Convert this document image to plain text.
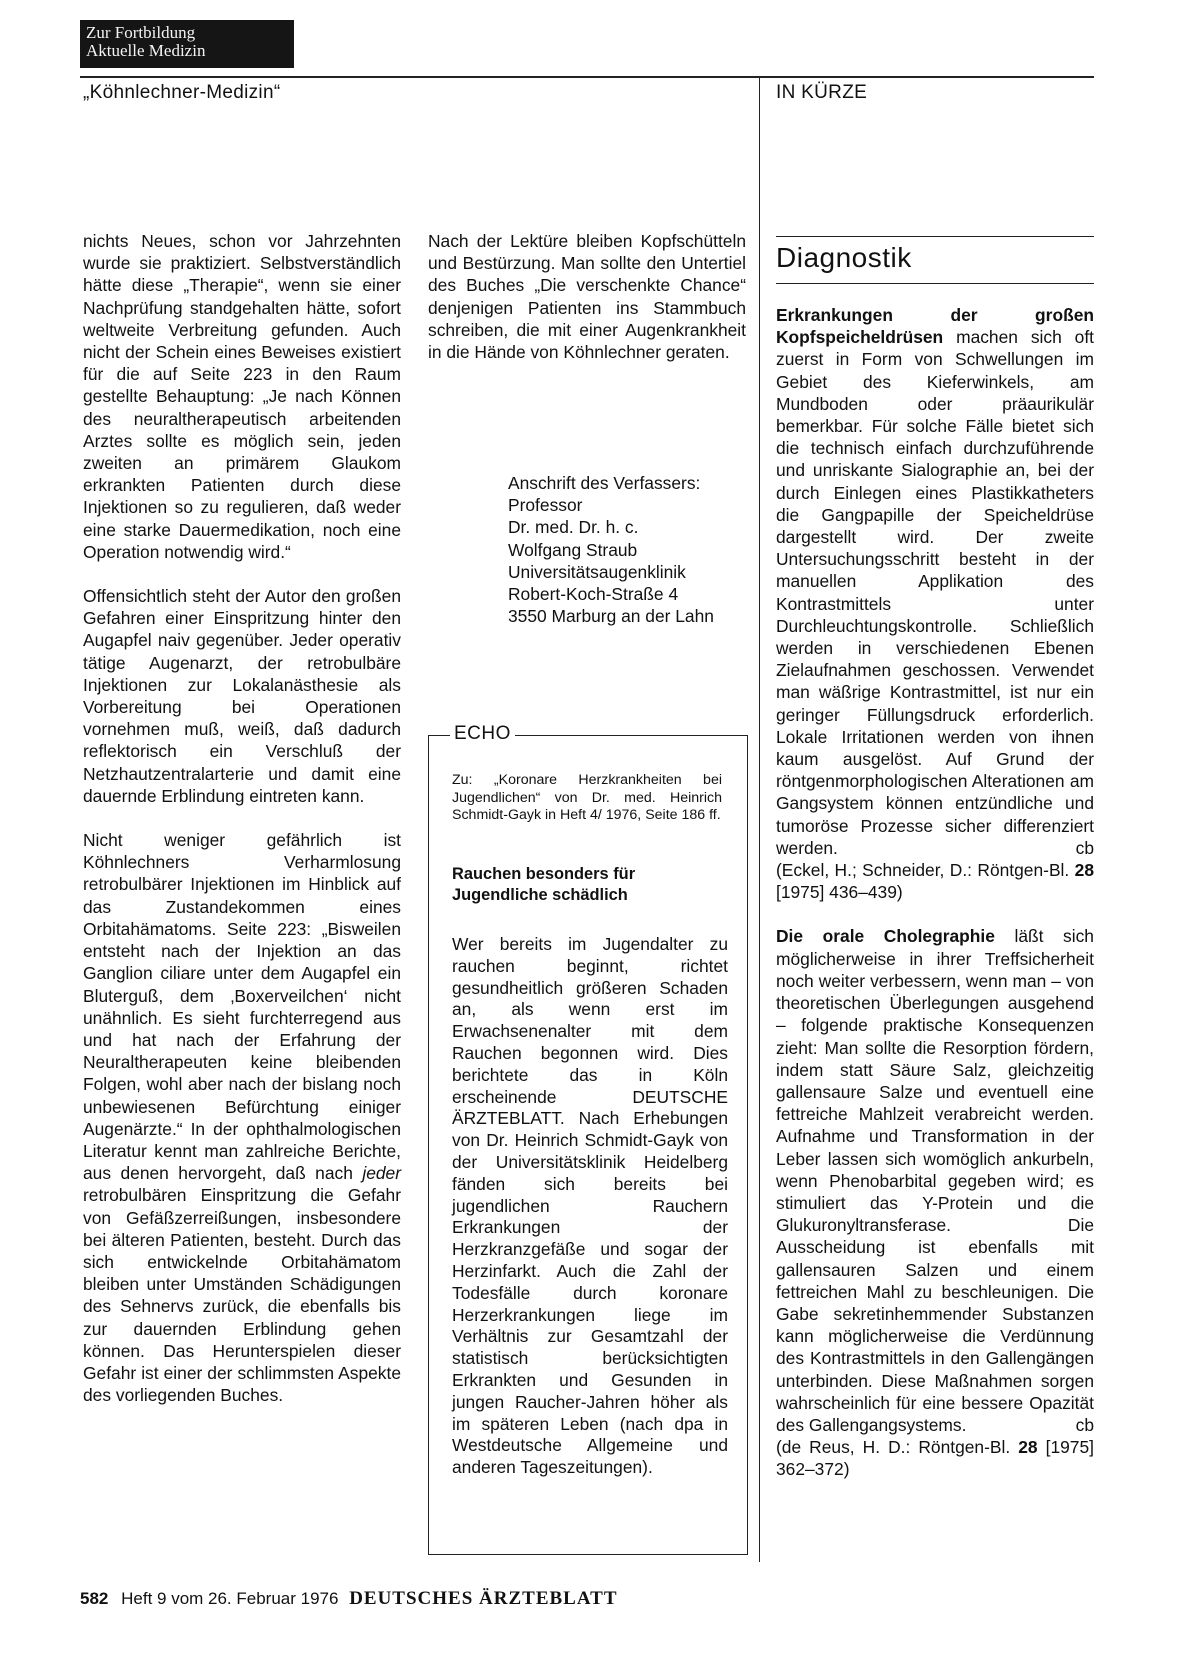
Zur Fortbildung
Aktuelle Medizin
„Köhnlechner-Medizin“	IN KÜRZE

nichts Neues, schon vor Jahrzehnten wurde sie praktiziert. Selbstverständlich hätte diese „Therapie“, wenn sie einer Nachprüfung standgehalten hätte, sofort weltweite Verbreitung gefunden. Auch nicht der Schein eines Beweises existiert für die auf Seite 223 in den Raum gestellte Behauptung: „Je nach Können des neuraltherapeutisch arbeitenden Arztes sollte es möglich sein, jeden zweiten an primärem Glaukom erkrankten Patienten durch diese Injektionen so zu regulieren, daß weder eine starke Dauermedikation, noch eine Operation notwendig wird.“

Offensichtlich steht der Autor den großen Gefahren einer Einspritzung hinter den Augapfel naiv gegenüber. Jeder operativ tätige Augenarzt, der retrobulbäre Injektionen zur Lokalanästhesie als Vorbereitung bei Operationen vornehmen muß, weiß, daß dadurch reflektorisch ein Verschluß der Netzhautzentralarterie und damit eine dauernde Erblindung eintreten kann.

Nicht weniger gefährlich ist Köhnlechners Verharmlosung retrobulbärer Injektionen im Hinblick auf das Zustandekommen eines Orbitahämatoms. Seite 223: „Bisweilen entsteht nach der Injektion an das Ganglion ciliare unter dem Augapfel ein Bluterguß, dem ‚Boxerveilchen‘ nicht unähnlich. Es sieht furchterregend aus und hat nach der Erfahrung der Neuraltherapeuten keine bleibenden Folgen, wohl aber nach der bislang noch unbewiesenen Befürchtung einiger Augenärzte.“ In der ophthalmologischen Literatur kennt man zahlreiche Berichte, aus denen hervorgeht, daß nach jeder retrobulbären Einspritzung die Gefahr von Gefäßzerreißungen, insbesondere bei älteren Patienten, besteht. Durch das sich entwickelnde Orbitahämatom bleiben unter Umständen Schädigungen des Sehnervs zurück, die ebenfalls bis zur dauernden Erblindung gehen können. Das Herunterspielen dieser Gefahr ist einer der schlimmsten Aspekte des vorliegenden Buches.

Nach der Lektüre bleiben Kopfschütteln und Bestürzung. Man sollte den Untertiel des Buches „Die verschenkte Chance“ denjenigen Patienten ins Stammbuch schreiben, die mit einer Augenkrankheit in die Hände von Köhnlechner geraten.

Anschrift des Verfassers:
Professor
Dr. med. Dr. h. c.
Wolfgang Straub
Universitätsaugenklinik
Robert-Koch-Straße 4
3550 Marburg an der Lahn
ECHO
Zu: „Koronare Herzkrankheiten bei Jugendlichen“ von Dr. med. Heinrich Schmidt-Gayk in Heft 4/ 1976, Seite 186 ff.
Rauchen besonders für Jugendliche schädlich
Wer bereits im Jugendalter zu rauchen beginnt, richtet gesundheitlich größeren Schaden an, als wenn erst im Erwachsenenalter mit dem Rauchen begonnen wird. Dies berichtete das in Köln erscheinende DEUTSCHE ÄRZTEBLATT. Nach Erhebungen von Dr. Heinrich Schmidt-Gayk von der Universitätsklinik Heidelberg fänden sich bereits bei jugendlichen Rauchern Erkrankungen der Herzkranzgefäße und sogar der Herzinfarkt. Auch die Zahl der Todesfälle durch koronare Herzerkrankungen liege im Verhältnis zur Gesamtzahl der statistisch berücksichtigten Erkrankten und Gesunden in jungen Raucher-Jahren höher als im späteren Leben (nach dpa in Westdeutsche Allgemeine und anderen Tageszeitungen).
Diagnostik

Erkrankungen der großen Kopfspeicheldrüsen machen sich oft zuerst in Form von Schwellungen im Gebiet des Kieferwinkels, am Mundboden oder präaurikulär bemerkbar. Für solche Fälle bietet sich die technisch einfach durchzuführende und unriskante Sialographie an, bei der durch Einlegen eines Plastikkatheters die Gangpapille der Speicheldrüse dargestellt wird. Der zweite Untersuchungsschritt besteht in der manuellen Applikation des Kontrastmittels unter Durchleuchtungskontrolle. Schließlich werden in verschiedenen Ebenen Zielaufnahmen geschossen. Verwendet man wäßrige Kontrastmittel, ist nur ein geringer Füllungsdruck erforderlich. Lokale Irritationen werden von ihnen kaum ausgelöst. Auf Grund der röntgenmorphologischen Alterationen am Gangsystem können entzündliche und tumoröse Prozesse sicher differenziert werden.	cb

(Eckel, H.; Schneider, D.: Röntgen-Bl. 28 [1975] 436–439)

Die orale Cholegraphie läßt sich möglicherweise in ihrer Treffsicherheit noch weiter verbessern, wenn man – von theoretischen Überlegungen ausgehend – folgende praktische Konsequenzen zieht: Man sollte die Resorption fördern, indem statt Säure Salz, gleichzeitig gallensaure Salze und eventuell eine fettreiche Mahlzeit verabreicht werden. Aufnahme und Transformation in der Leber lassen sich womöglich ankurbeln, wenn Phenobarbital gegeben wird; es stimuliert das Y-Protein und die Glukuronyltransferase. Die Ausscheidung ist ebenfalls mit gallensauren Salzen und einem fettreichen Mahl zu beschleunigen. Die Gabe sekretinhemmender Substanzen kann möglicherweise die Verdünnung des Kontrastmittels in den Gallengängen unterbinden. Diese Maßnahmen sorgen wahrscheinlich für eine bessere Opazität des Gallengangsystems.	cb

(de Reus, H. D.: Röntgen-Bl. 28 [1975] 362–372)

582 Heft 9 vom 26. Februar 1976 DEUTSCHES ÄRZTEBLATT
